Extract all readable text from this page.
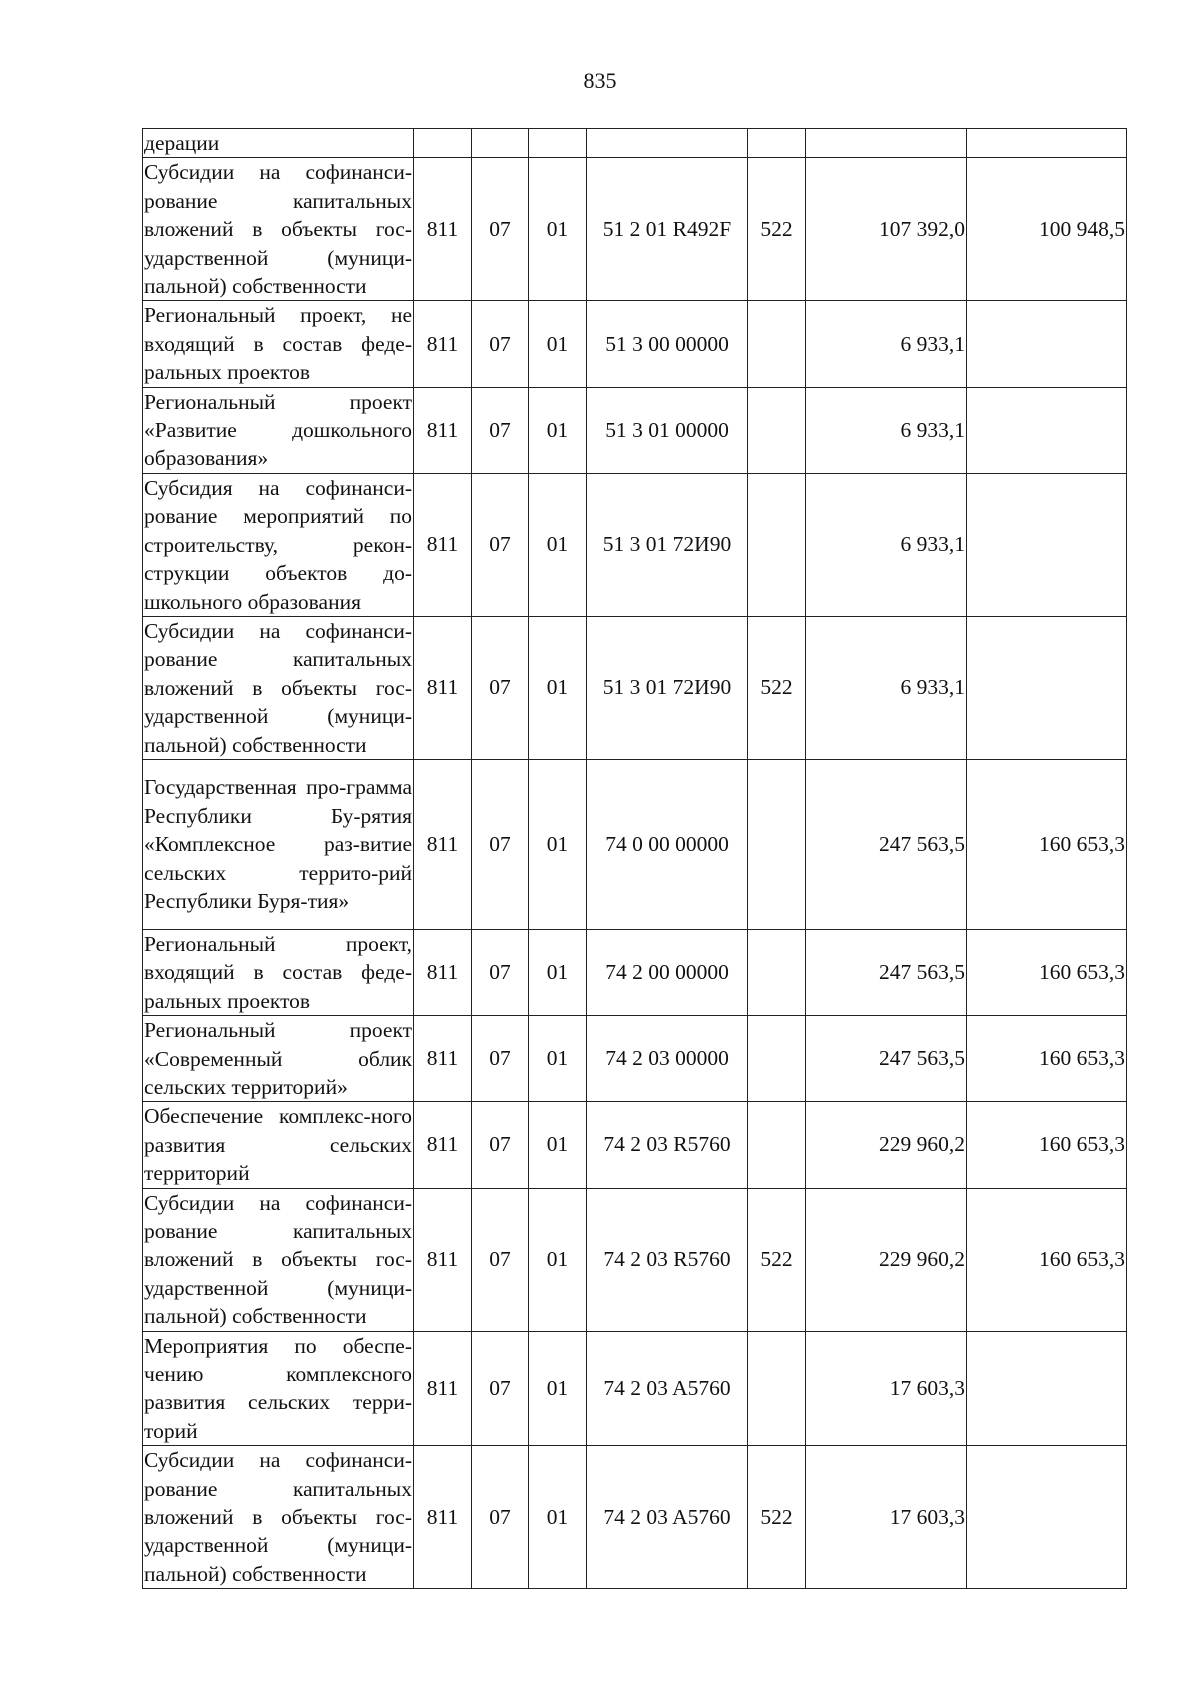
835
дерации							
Субсидии на софинанси-рование капитальных вложений в объекты гос-ударственной (муници-пальной) собственности	811	07	01	51 2 01 R492F	522	107 392,0	100 948,5
Региональный проект, не входящий в состав феде-ральных проектов	811	07	01	51 3 00 00000		6 933,1	
Региональный проект «Развитие дошкольного образования»	811	07	01	51 3 01 00000		6 933,1	
Субсидия на софинанси-рование мероприятий по строительству, рекон-струкции объектов до-школьного образования	811	07	01	51 3 01 72И90		6 933,1	
Субсидии на софинанси-рование капитальных вложений в объекты гос-ударственной (муници-пальной) собственности	811	07	01	51 3 01 72И90	522	6 933,1	
Государственная про-грамма Республики Бу-рятия «Комплексное раз-витие сельских террито-рий Республики Буря-тия»	811	07	01	74 0 00 00000		247 563,5	160 653,3
Региональный проект, входящий в состав феде-ральных проектов	811	07	01	74 2 00 00000		247 563,5	160 653,3
Региональный проект «Современный облик сельских территорий»	811	07	01	74 2 03 00000		247 563,5	160 653,3
Обеспечение комплекс-ного развития сельских территорий	811	07	01	74 2 03 R5760		229 960,2	160 653,3
Субсидии на софинанси-рование капитальных вложений в объекты гос-ударственной (муници-пальной) собственности	811	07	01	74 2 03 R5760	522	229 960,2	160 653,3
Мероприятия по обеспе-чению комплексного развития сельских терри-торий	811	07	01	74 2 03 A5760		17 603,3	
Субсидии на софинанси-рование капитальных вложений в объекты гос-ударственной (муници-пальной) собственности	811	07	01	74 2 03 A5760	522	17 603,3	
